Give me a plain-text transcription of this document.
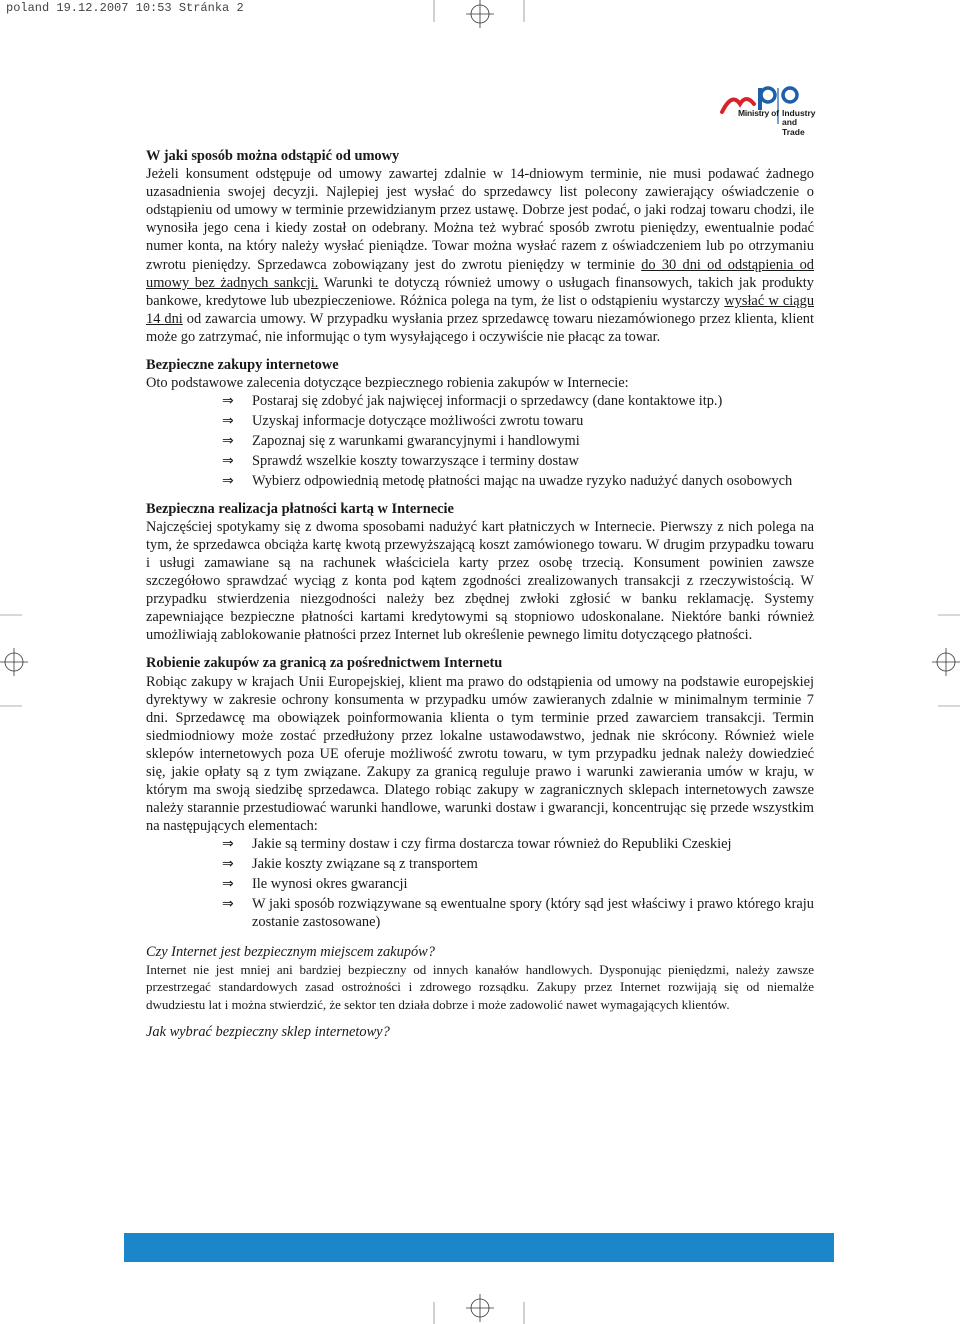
poland 19.12.2007 10:53 Stránka 2
Ministry of Industry
and Trade

W jaki sposób można odstąpić od umowy

Jeżeli konsument odstępuje od umowy zawartej zdalnie w 14-dniowym terminie, nie musi podawać żadnego uzasadnienia swojej decyzji. Najlepiej jest wysłać do sprzedawcy list polecony zawierający oświadczenie o odstąpieniu od umowy w terminie przewidzianym przez ustawę. Dobrze jest podać, o jaki rodzaj towaru chodzi, ile wynosiła jego cena i kiedy został on odebrany. Można też wybrać sposób zwrotu pieniędzy, ewentualnie podać numer konta, na który należy wysłać pieniądze. Towar można wysłać razem z oświadczeniem lub po otrzymaniu zwrotu pieniędzy. Sprzedawca zobowiązany jest do zwrotu pieniędzy w terminie do 30 dni od odstąpienia od umowy bez żadnych sankcji. Warunki te dotyczą również umowy o usługach finansowych, takich jak produkty bankowe, kredytowe lub ubezpieczeniowe. Różnica polega na tym, że list o odstąpieniu wystarczy wysłać w ciągu 14 dni od zawarcia umowy. W przypadku wysłania przez sprzedawcę towaru niezamówionego przez klienta, klient może go zatrzymać, nie informując o tym wysyłającego i oczywiście nie płacąc za towar.

Bezpieczne zakupy internetowe

Oto podstawowe zalecenia dotyczące bezpiecznego robienia zakupów w Internecie:

⇒ Postaraj się zdobyć jak najwięcej informacji o sprzedawcy (dane kontaktowe itp.)
⇒ Uzyskaj informacje dotyczące możliwości zwrotu towaru
⇒ Zapoznaj się z warunkami gwarancyjnymi i handlowymi
⇒ Sprawdź wszelkie koszty towarzyszące i terminy dostaw
⇒ Wybierz odpowiednią metodę płatności mając na uwadze ryzyko nadużyć danych osobowych

Bezpieczna realizacja płatności kartą w Internecie

Najczęściej spotykamy się z dwoma sposobami nadużyć kart płatniczych w Internecie. Pierwszy z nich polega na tym, że sprzedawca obciąża kartę kwotą przewyższającą koszt zamówionego towaru. W drugim przypadku towaru i usługi zamawiane są na rachunek właściciela karty przez osobę trzecią. Konsument powinien zawsze szczegółowo sprawdzać wyciąg z konta pod kątem zgodności zrealizowanych transakcji z rzeczywistością. W przypadku stwierdzenia niezgodności należy bez zbędnej zwłoki zgłosić w banku reklamację. Systemy zapewniające bezpieczne płatności kartami kredytowymi są stopniowo udoskonalane. Niektóre banki również umożliwiają zablokowanie płatności przez Internet lub określenie pewnego limitu dotyczącego płatności.

Robienie zakupów za granicą za pośrednictwem Internetu

Robiąc zakupy w krajach Unii Europejskiej, klient ma prawo do odstąpienia od umowy na podstawie europejskiej dyrektywy w zakresie ochrony konsumenta w przypadku umów zawieranych zdalnie w minimalnym terminie 7 dni. Sprzedawcę ma obowiązek poinformowania klienta o tym terminie przed zawarciem transakcji. Termin siedmiodniowy może zostać przedłużony przez lokalne ustawodawstwo, jednak nie skrócony. Również wiele sklepów internetowych poza UE oferuje możliwość zwrotu towaru, w tym przypadku jednak należy dowiedzieć się, jakie opłaty są z tym związane. Zakupy za granicą reguluje prawo i warunki zawierania umów w kraju, w którym ma swoją siedzibę sprzedawca. Dlatego robiąc zakupy w zagranicznych sklepach internetowych zawsze należy starannie przestudiować warunki handlowe, warunki dostaw i gwarancji, koncentrując się przede wszystkim na następujących elementach:

⇒ Jakie są terminy dostaw i czy firma dostarcza towar również do Republiki Czeskiej
⇒ Jakie koszty związane są z transportem
⇒ Ile wynosi okres gwarancji
⇒ W jaki sposób rozwiązywane są ewentualne spory (który sąd jest właściwy i prawo którego kraju zostanie zastosowane)

Czy Internet jest bezpiecznym miejscem zakupów?

Internet nie jest mniej ani bardziej bezpieczny od innych kanałów handlowych. Dysponując pieniędzmi, należy zawsze przestrzegać standardowych zasad ostrożności i zdrowego rozsądku. Zakupy przez Internet rozwijają się od niemalże dwudziestu lat i można stwierdzić, że sektor ten działa dobrze i może zadowolić nawet wymagających klientów.

Jak wybrać bezpieczny sklep internetowy?
